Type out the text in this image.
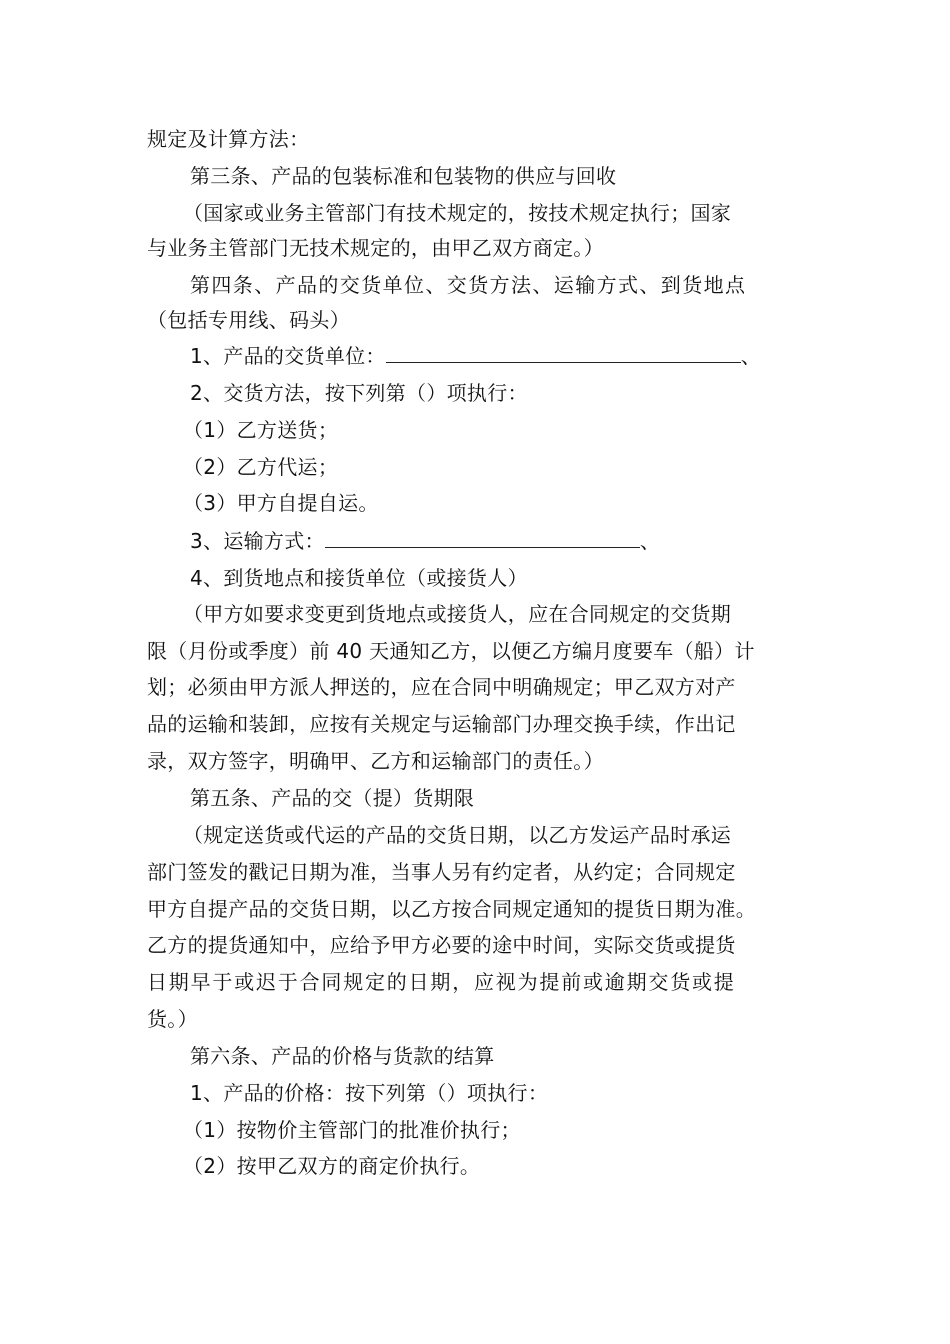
规定及计算方法：
第三条、产品的包装标准和包装物的供应与回收
（国家或业务主管部门有技术规定的，按技术规定执行；国家
与业务主管部门无技术规定的，由甲乙双方商定。）
第四条、产品的交货单位、交货方法、运输方式、到货地点
（包括专用线、码头）
1、产品的交货单位：	、
2、交货方法，按下列第（）项执行：
（1）乙方送货；
（2）乙方代运；
（3）甲方自提自运。
3、运输方式：	、
4、到货地点和接货单位（或接货人）
（甲方如要求变更到货地点或接货人，应在合同规定的交货期
限（月份或季度）前 40 天通知乙方，以便乙方编月度要车（船）计
划；必须由甲方派人押送的，应在合同中明确规定；甲乙双方对产
品的运输和装卸，应按有关规定与运输部门办理交换手续，作出记
录，双方签字，明确甲、乙方和运输部门的责任。）
第五条、产品的交（提）货期限
（规定送货或代运的产品的交货日期，以乙方发运产品时承运
部门签发的戳记日期为准，当事人另有约定者，从约定；合同规定
甲方自提产品的交货日期，以乙方按合同规定通知的提货日期为准。
乙方的提货通知中，应给予甲方必要的途中时间，实际交货或提货
日期早于或迟于合同规定的日期，应视为提前或逾期交货或提
货。）
第六条、产品的价格与货款的结算
1、产品的价格：按下列第（）项执行：
（1）按物价主管部门的批准价执行；
（2）按甲乙双方的商定价执行。
